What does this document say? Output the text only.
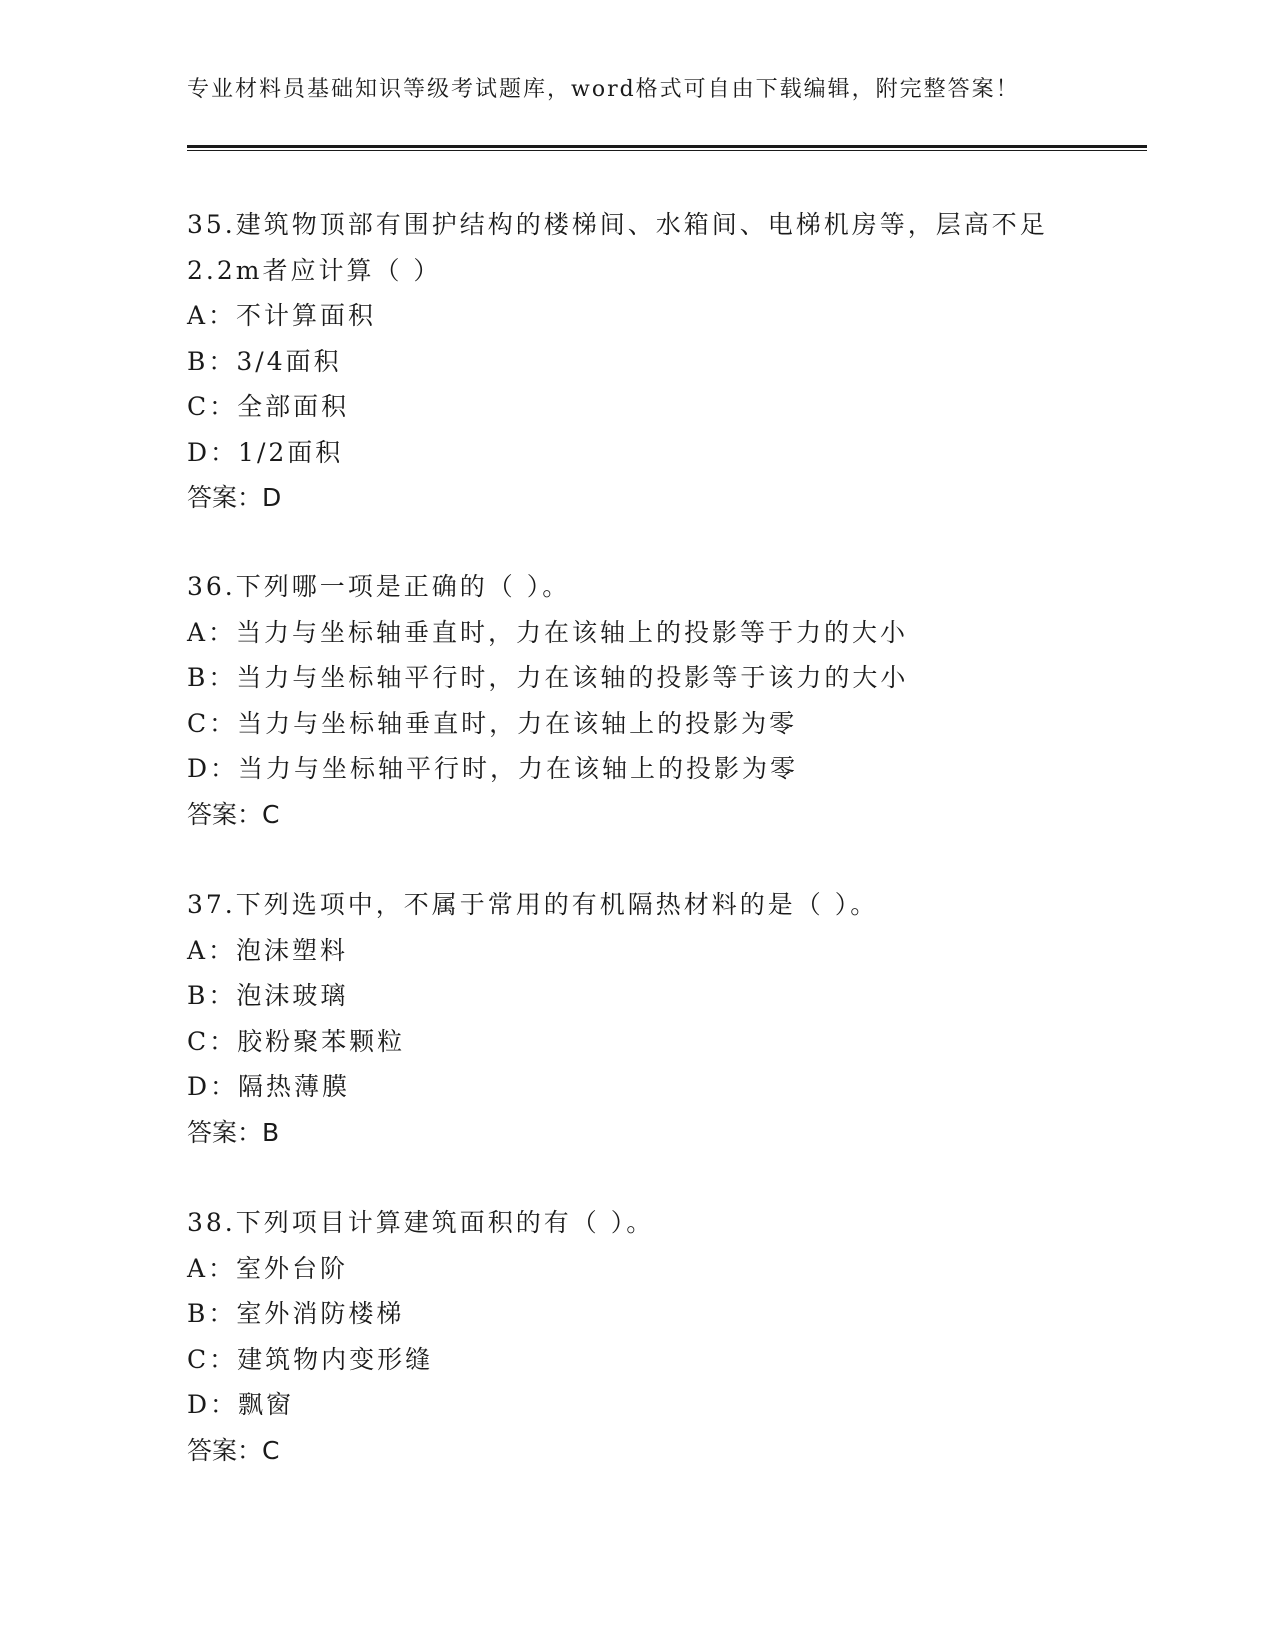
专业材料员基础知识等级考试题库，word格式可自由下载编辑，附完整答案！
35.建筑物顶部有围护结构的楼梯间、水箱间、电梯机房等，层高不足
2.2m者应计算（ ）
A：不计算面积
B：3/4面积
C：全部面积
D：1/2面积
答案：D
36.下列哪一项是正确的（ ）。
A：当力与坐标轴垂直时，力在该轴上的投影等于力的大小
B：当力与坐标轴平行时，力在该轴的投影等于该力的大小
C：当力与坐标轴垂直时，力在该轴上的投影为零
D：当力与坐标轴平行时，力在该轴上的投影为零
答案：C
37.下列选项中，不属于常用的有机隔热材料的是（ ）。
A：泡沫塑料
B：泡沫玻璃
C：胶粉聚苯颗粒
D：隔热薄膜
答案：B
38.下列项目计算建筑面积的有（ ）。
A：室外台阶
B：室外消防楼梯
C：建筑物内变形缝
D：飘窗
答案：C
